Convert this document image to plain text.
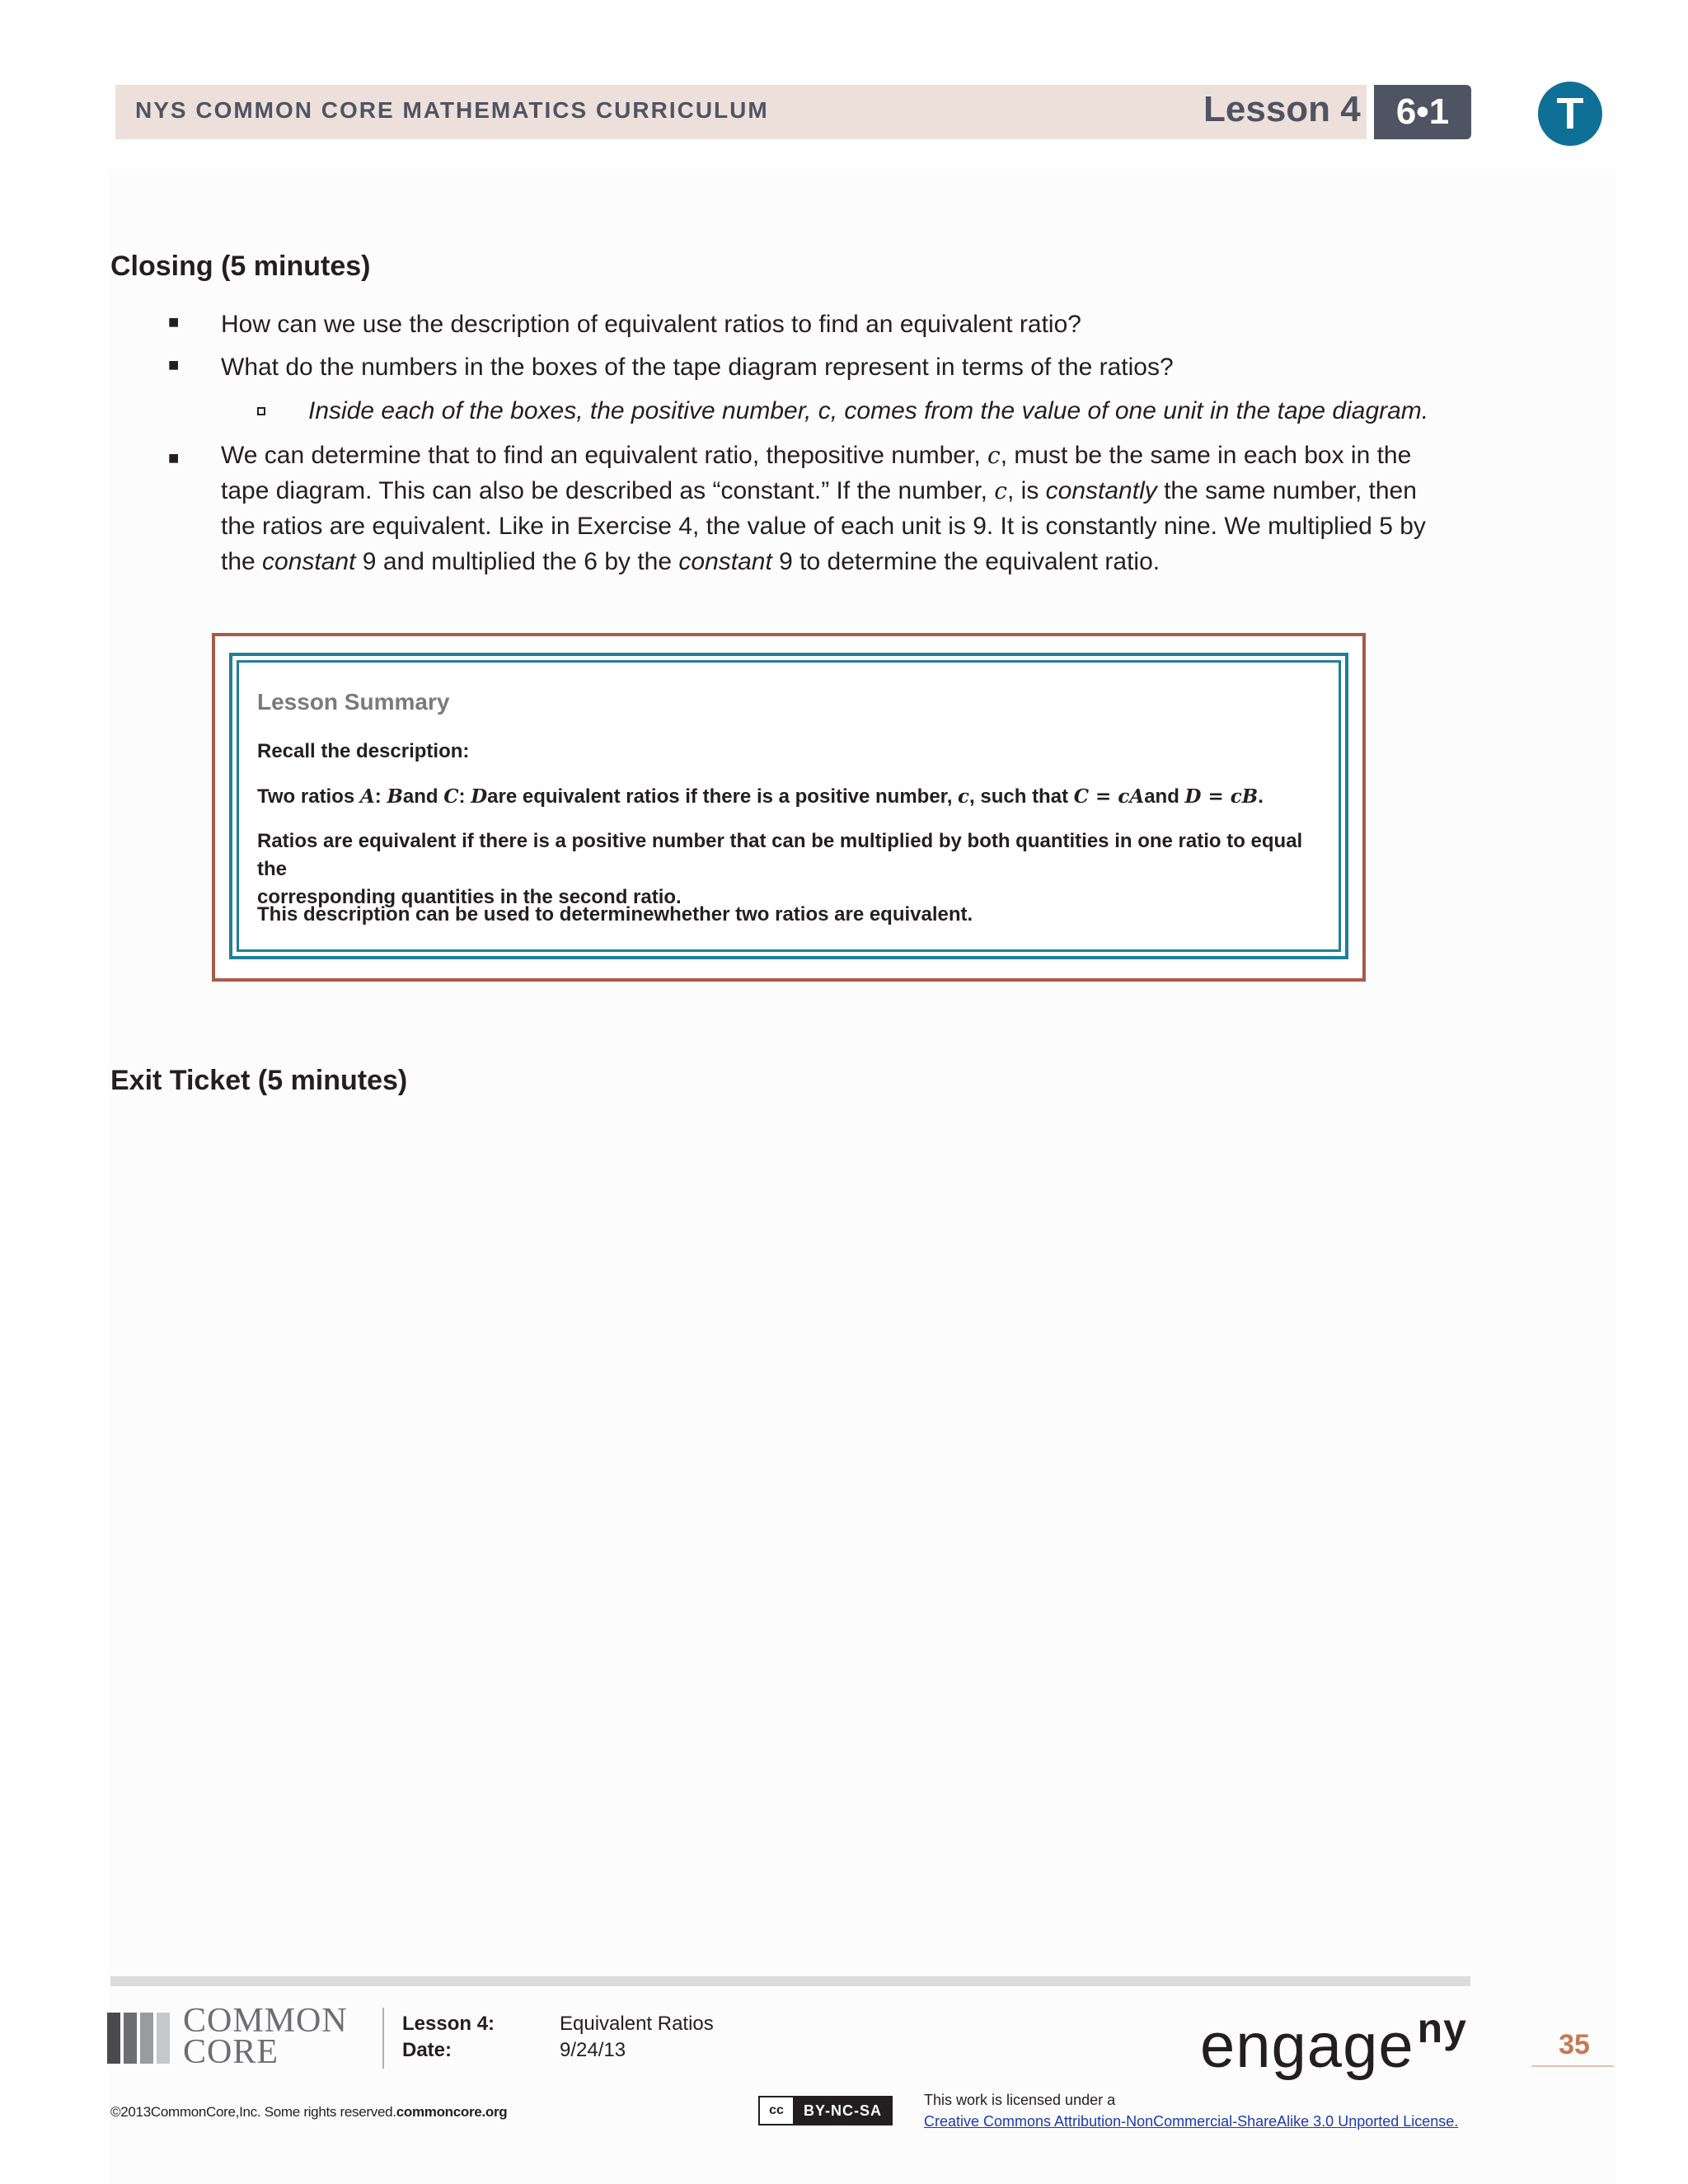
NYS COMMON CORE MATHEMATICS CURRICULUM	Lesson 4 6•1	T
Closing (5 minutes)
■ How can we use the description of equivalent ratios to find an equivalent ratio?
■ What do the numbers in the boxes of the tape diagram represent in terms of the ratios?
Inside each of the boxes, the positive number, c, comes from the value of one unit in the tape diagram.
■ We can determine that to find an equivalent ratio, thepositive number, c, must be the same in each box in the
tape diagram. This can also be described as “constant.” If the number, c, is constantly the same number, then
the ratios are equivalent. Like in Exercise 4, the value of each unit is 9. It is constantly nine. We multiplied 5 by
the constant 9 and multiplied the 6 by the constant 9 to determine the equivalent ratio.
Lesson Summary
Recall the description:
Two ratios A: Band C: Dare equivalent ratios if there is a positive number, c, such that C = cAand D = cB.
Ratios are equivalent if there is a positive number that can be multiplied by both quantities in one ratio to equal the
corresponding quantities in the second ratio.
This description can be used to determinewhether two ratios are equivalent.
Exit Ticket (5 minutes)
COMMON
CORE
Lesson 4:	Equivalent Ratios
Date:	9/24/13	engage$^{ny}$	35
©2013CommonCore,Inc. Some rights reserved.commoncore.org	cc	BY-NC-SA
This work is licensed under a
Creative Commons Attribution-NonCommercial-ShareAlike 3.0 Unported License.
